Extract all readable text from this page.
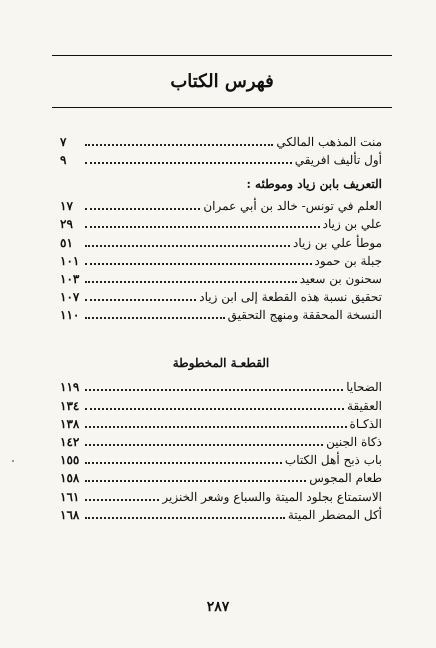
فهرس الكتاب
منت المذهب المالكي
٧
أول تأليف افريقي
٩
التعريف بابن زياد وموطئه :
العلم في تونس- خالد بن أبي عمران
١٧
علي بن زياد
٢٩
موطأ علي بن زياد
٥١
جبلة بن حمود
١٠١
سحنون بن سعيد
١٠٣
تحقيق نسبة هذه القطعة إلى ابن زياد
١٠٧
النسخة المحققة ومنهج التحقيق
١١٠
القطعـة المخطوطة
الضحايا
١١٩
العقيقة
١٣٤
الذكـاة
١٣٨
ذكاة الجنين
١٤٢
باب ذبح أهل الكتاب
١٥٥
طعام المجوس
١٥٨
الاستمتاع بجلود الميتة والسباع وشعر الخنزير
١٦١
أكل المضطر الميتة
١٦٨
٢٨٧
